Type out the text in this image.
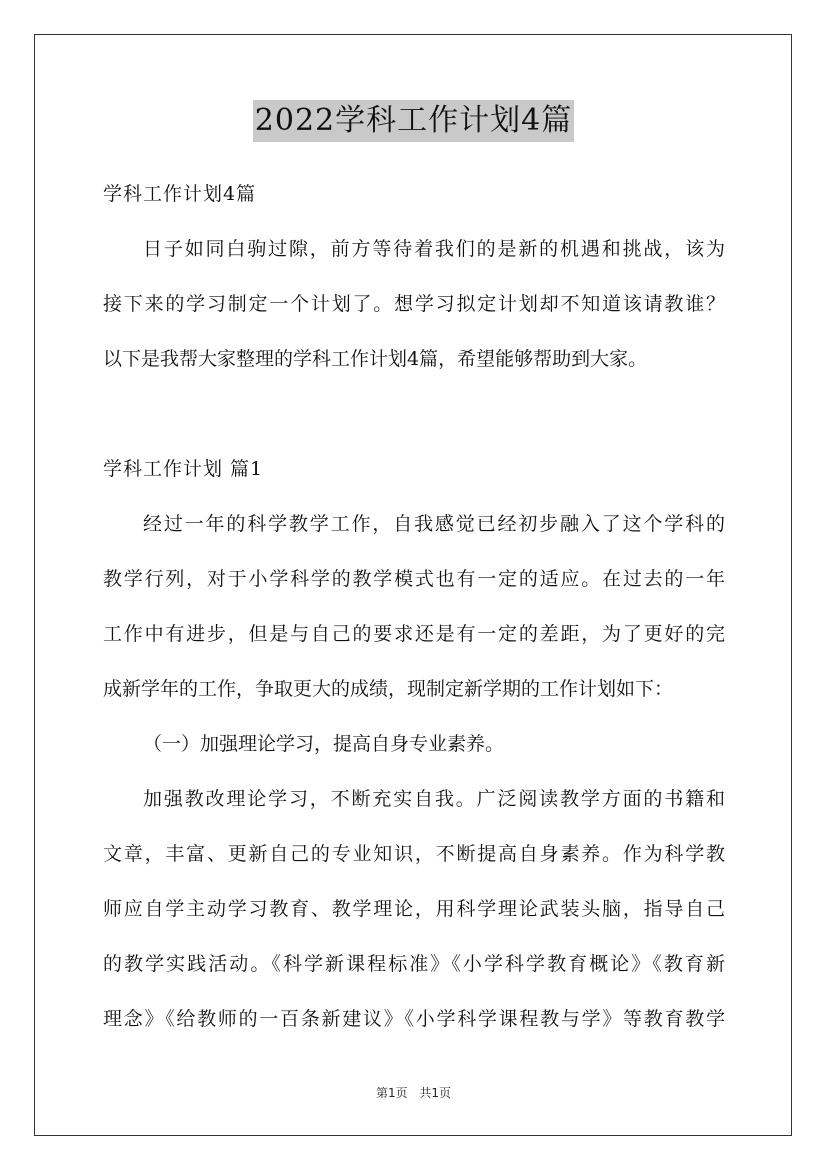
2022学科工作计划4篇
学科工作计划4篇
日子如同白驹过隙，前方等待着我们的是新的机遇和挑战，该为
接下来的学习制定一个计划了。想学习拟定计划却不知道该请教谁？
以下是我帮大家整理的学科工作计划4篇，希望能够帮助到大家。
学科工作计划 篇1
经过一年的科学教学工作，自我感觉已经初步融入了这个学科的
教学行列，对于小学科学的教学模式也有一定的适应。在过去的一年
工作中有进步，但是与自己的要求还是有一定的差距，为了更好的完
成新学年的工作，争取更大的成绩，现制定新学期的工作计划如下：
（一）加强理论学习，提高自身专业素养。
加强教改理论学习，不断充实自我。广泛阅读教学方面的书籍和
文章，丰富、更新自己的专业知识，不断提高自身素养。作为科学教
师应自学主动学习教育、教学理论，用科学理论武装头脑，指导自己
的教学实践活动。《科学新课程标准》《小学科学教育概论》《教育新
理念》《给教师的一百条新建议》《小学科学课程教与学》等教育教学
第1页 共1页
